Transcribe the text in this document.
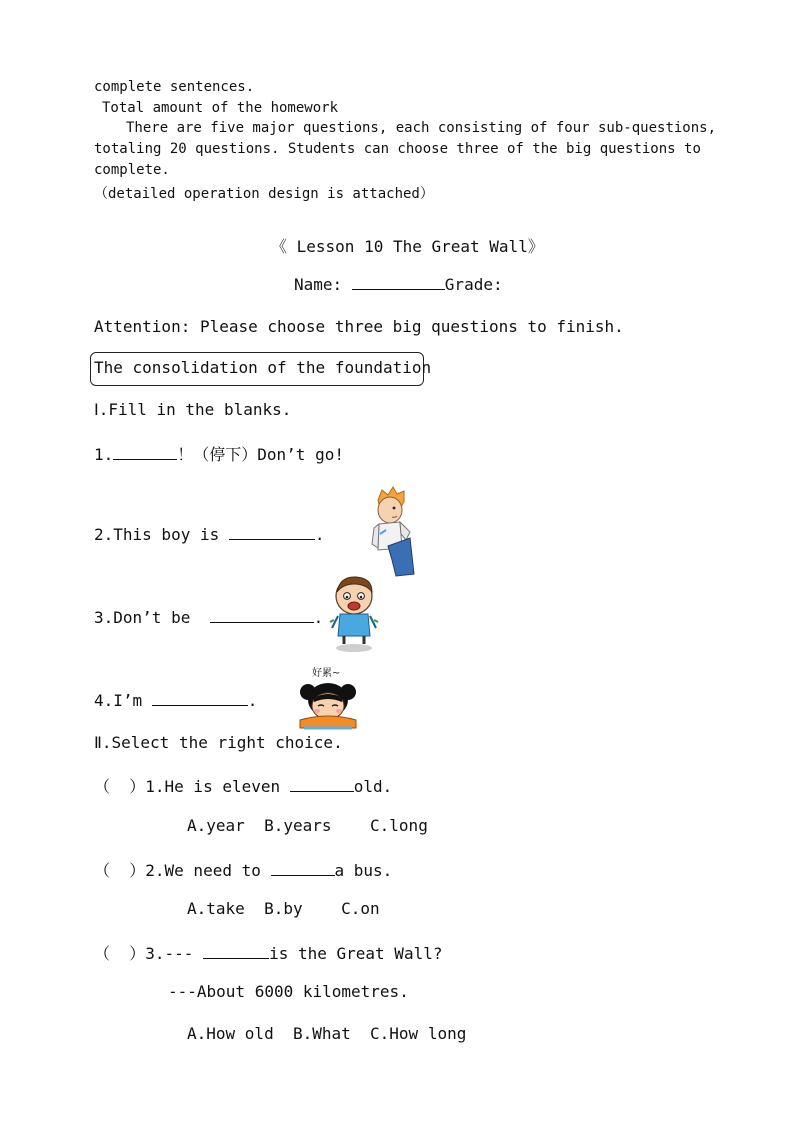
complete sentences.
Total amount of the homework
There are five major questions, each consisting of four sub-questions,
totaling 20 questions. Students can choose three of the big questions to
complete.
（detailed operation design is attached）
《 Lesson 10 The Great Wall》
Name:	Grade:
Attention: Please choose three big questions to finish.
The consolidation of the foundation
Ⅰ.Fill in the blanks.
1.	！（停下）Don’t go!
2.This boy is	.
3.Don’t be	.
4.I’m	.
好累~
Ⅱ.Select the right choice.
（  ）1.He is eleven	old.
A.year  B.years    C.long
（  ）2.We need to	a bus.
A.take  B.by    C.on
（  ）3.---	is the Great Wall?
---About 6000 kilometres.
A.How old  B.What  C.How long
